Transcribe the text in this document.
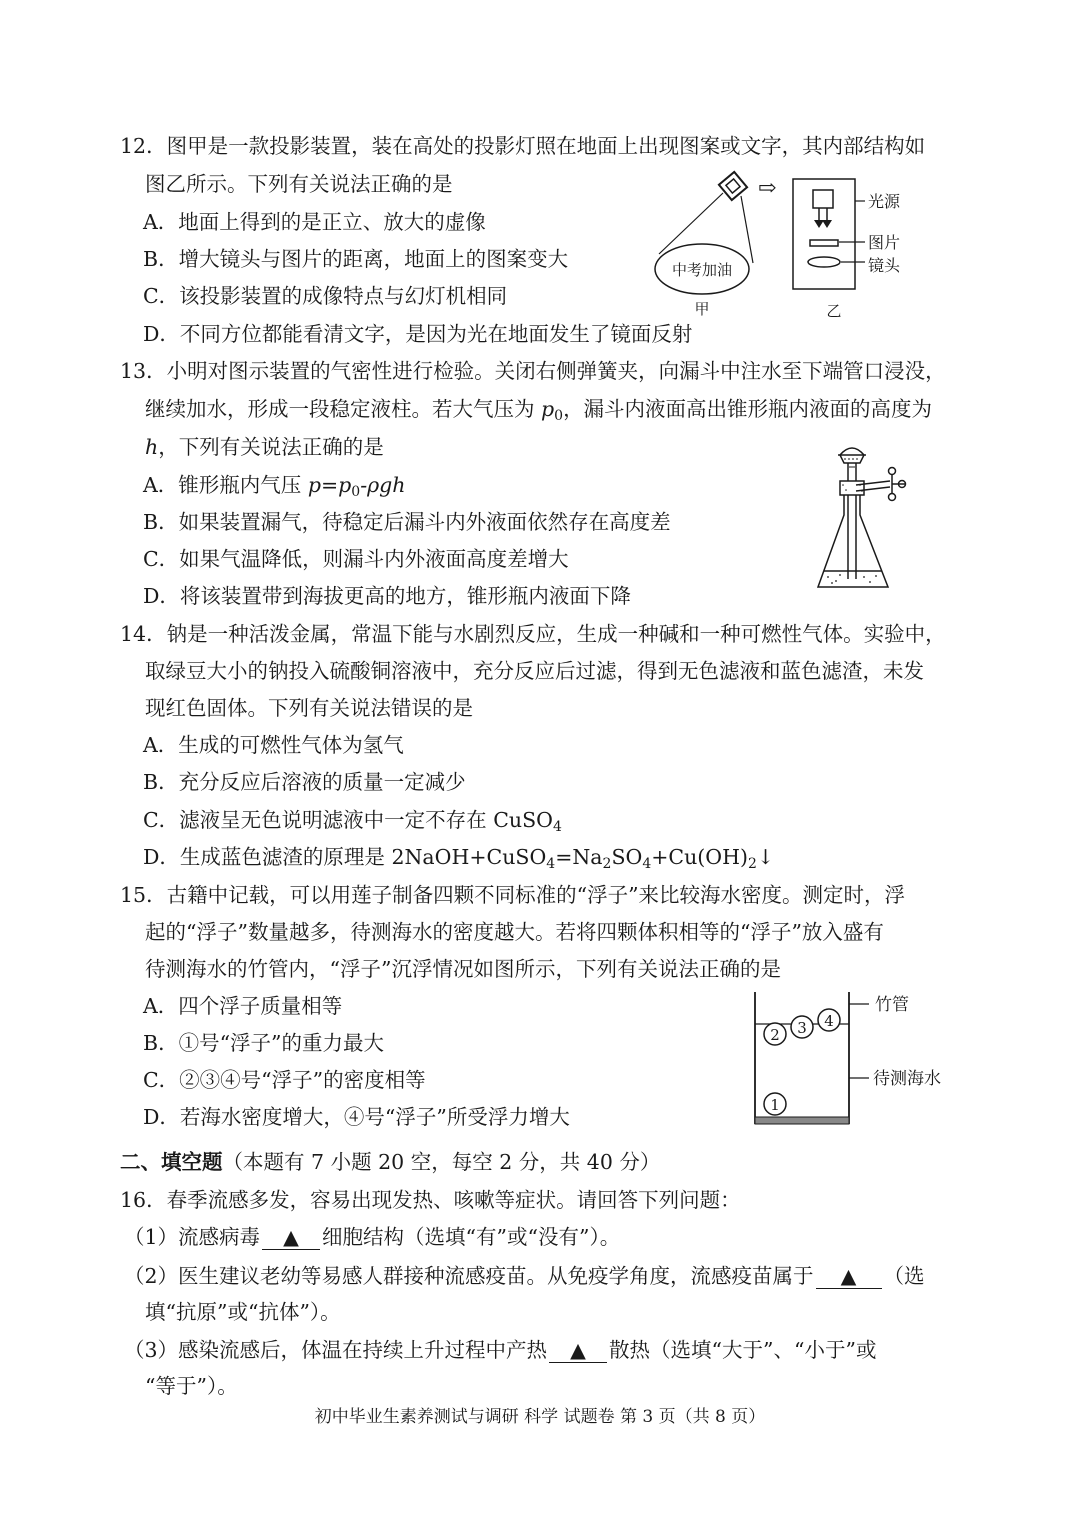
12．图甲是一款投影装置，装在高处的投影灯照在地面上出现图案或文字，其内部结构如
图乙所示。下列有关说法正确的是
A．地面上得到的是正立、放大的虚像
B．增大镜头与图片的距离，地面上的图案变大
C．该投影装置的成像特点与幻灯机相同
D．不同方位都能看清文字，是因为光在地面发生了镜面反射
中考加油
甲
⇨
光源
图片
镜头
乙
13．小明对图示装置的气密性进行检验。关闭右侧弹簧夹，向漏斗中注水至下端管口浸没，
继续加水，形成一段稳定液柱。若大气压为 $p_0$，漏斗内液面高出锥形瓶内液面的高度为
h，下列有关说法正确的是
A．锥形瓶内气压 $p=p_0$-ρgh
B．如果装置漏气，待稳定后漏斗内外液面依然存在高度差
C．如果气温降低，则漏斗内外液面高度差增大
D．将该装置带到海拔更高的地方，锥形瓶内液面下降
14．钠是一种活泼金属，常温下能与水剧烈反应，生成一种碱和一种可燃性气体。实验中，
取绿豆大小的钠投入硫酸铜溶液中，充分反应后过滤，得到无色滤液和蓝色滤渣，未发
现红色固体。下列有关说法错误的是
A．生成的可燃性气体为氢气
B．充分反应后溶液的质量一定减少
C．滤液呈无色说明滤液中一定不存在 CuSO$_4$
D．生成蓝色滤渣的原理是 $2NaOH+CuSO_4=Na_2SO_4+Cu(OH)_2↓$
15．古籍中记载，可以用莲子制备四颗不同标准的“浮子”来比较海水密度。测定时，浮
起的“浮子”数量越多，待测海水的密度越大。若将四颗体积相等的“浮子”放入盛有
待测海水的竹管内，“浮子”沉浮情况如图所示，下列有关说法正确的是
A．四个浮子质量相等
B．①号“浮子”的重力最大
C．②③④号“浮子”的密度相等
D．若海水密度增大，④号“浮子”所受浮力增大	1
2 3 4
竹管
待测海水
二、填空题（本题有 7 小题 20 空，每空 2 分，共 40 分）
16．春季流感多发，容易出现发热、咳嗽等症状。请回答下列问题：
（1）流感病毒 ▲ 细胞结构（选填“有”或“没有”）。
（2）医生建议老幼等易感人群接种流感疫苗。从免疫学角度，流感疫苗属于 ▲ （选
填“抗原”或“抗体”）。
（3）感染流感后，体温在持续上升过程中产热 ▲ 散热（选填“大于”、“小于”或
“等于”）。
初中毕业生素养测试与调研 科学 试题卷 第 3 页（共 8 页）
